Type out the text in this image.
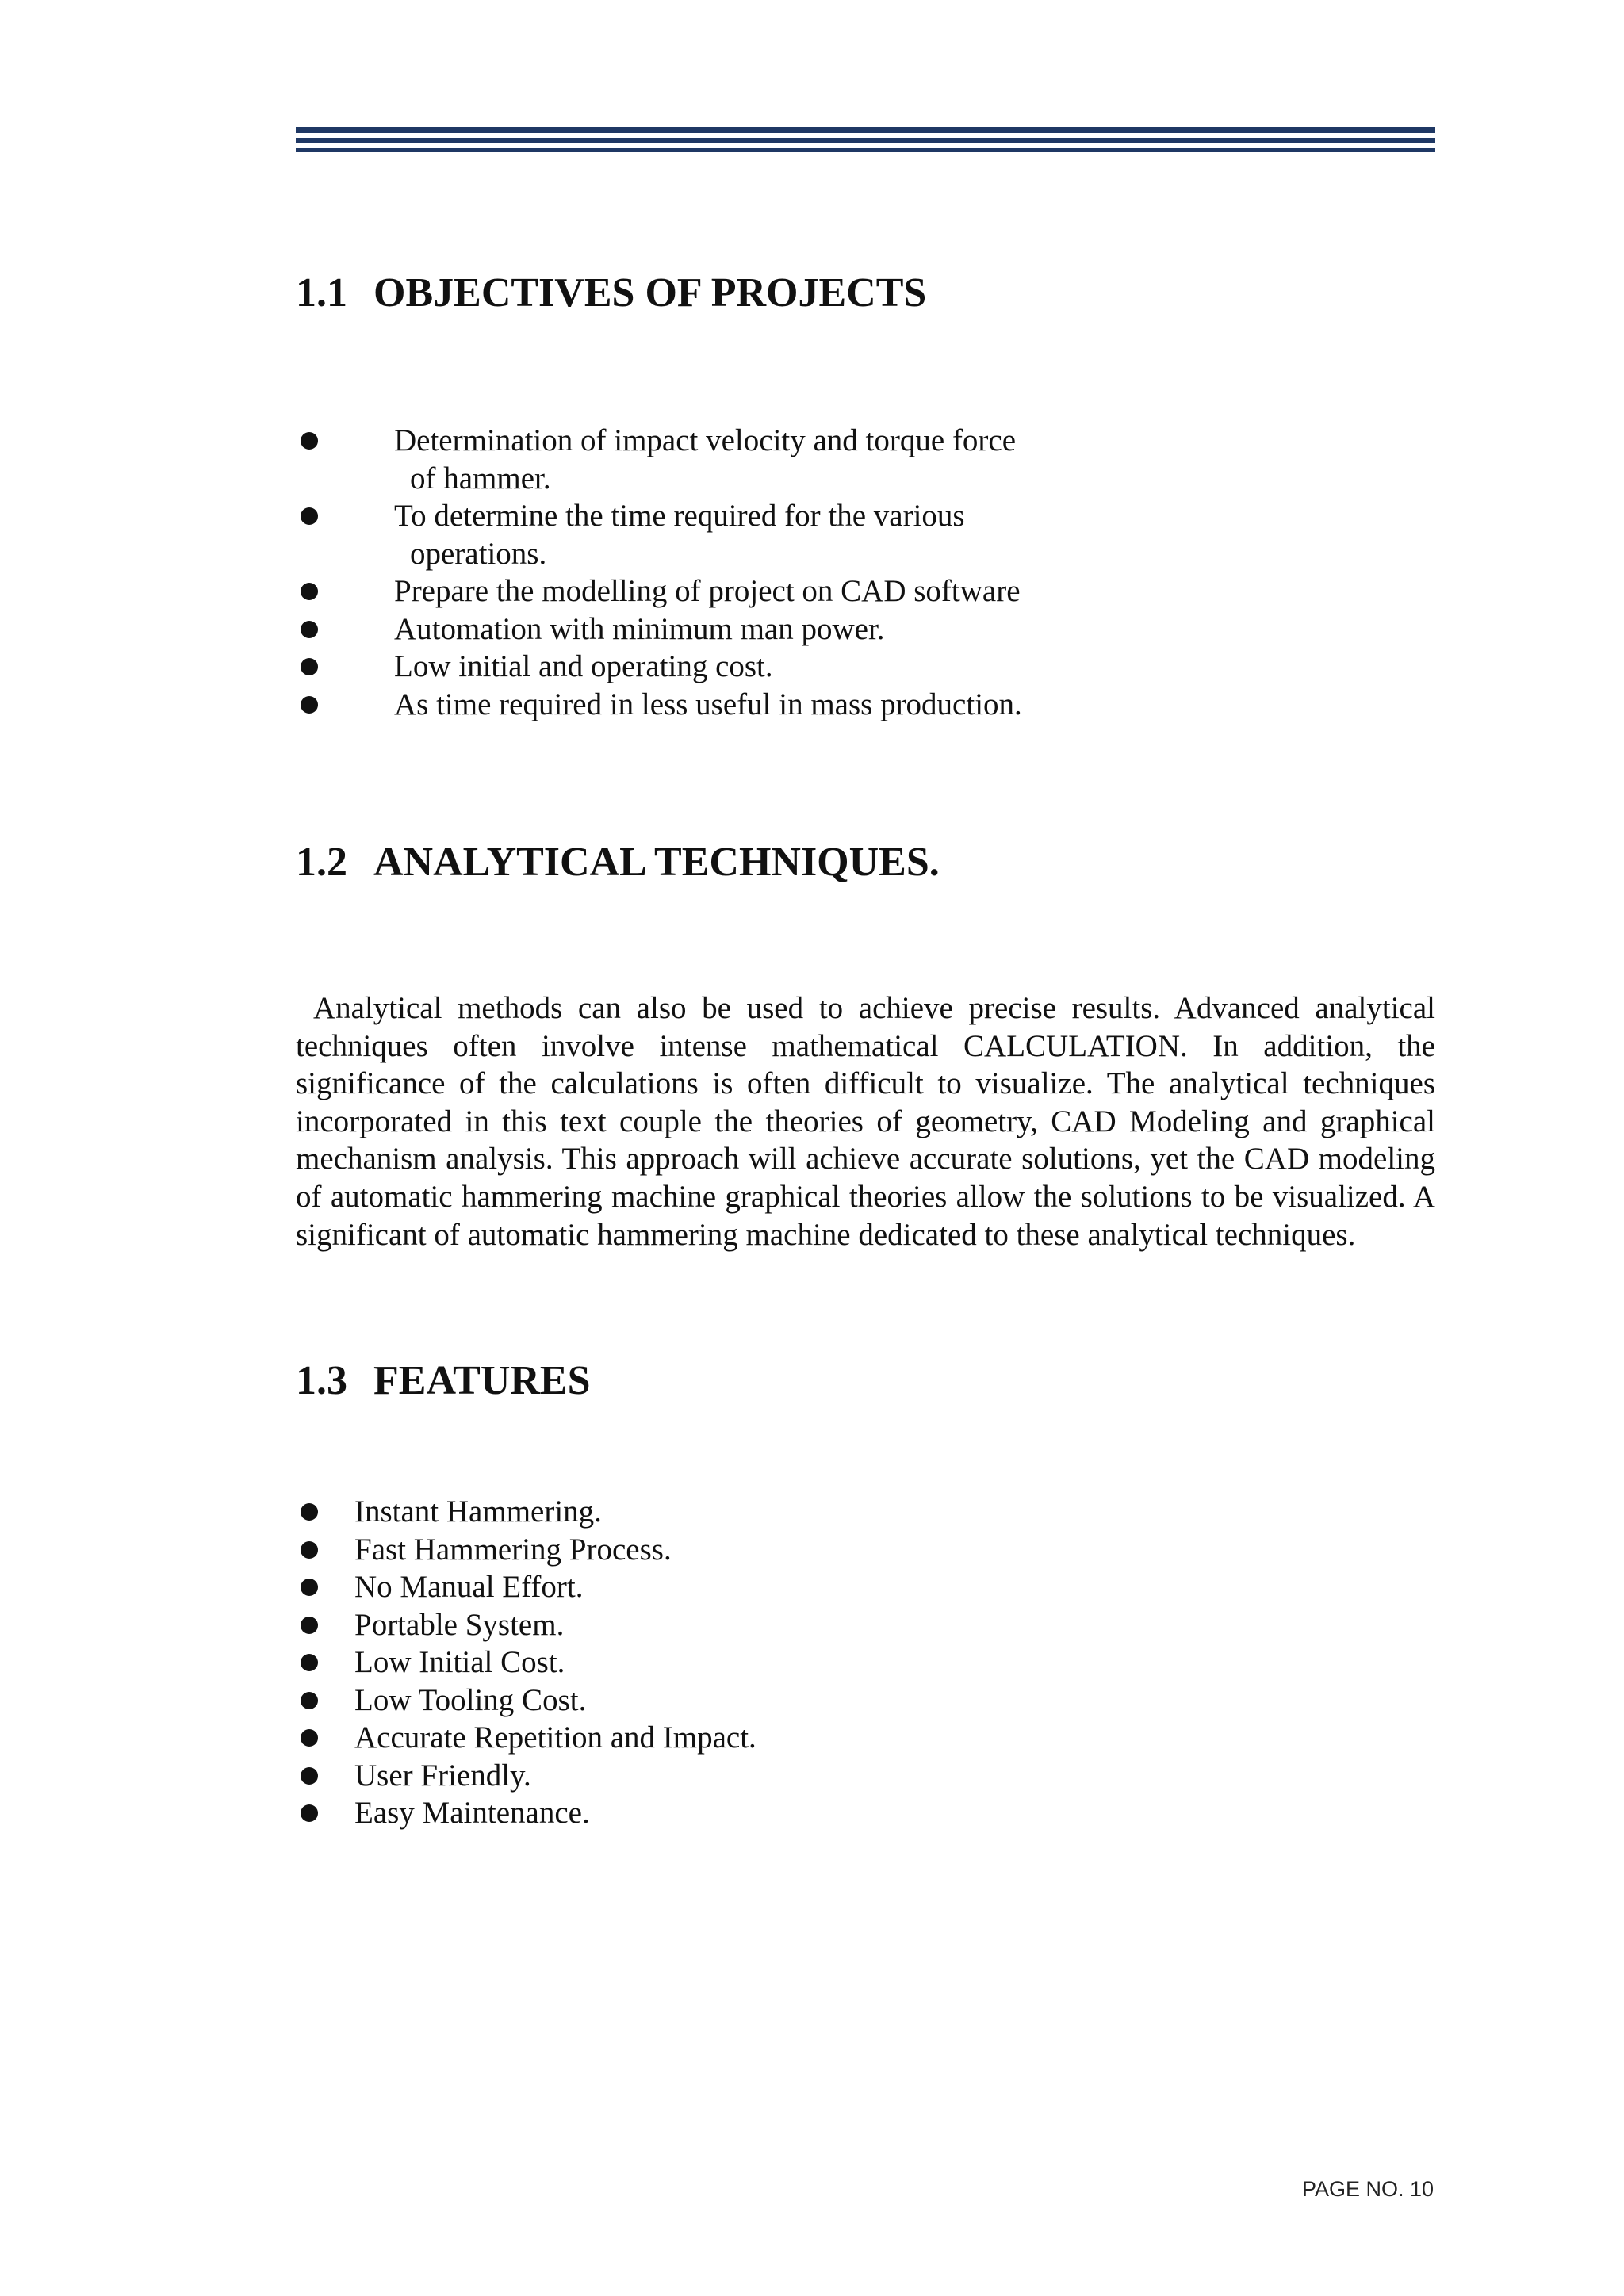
1.1 OBJECTIVES OF PROJECTS
Determination of impact velocity and torque force
of hammer.
To determine the time required for the various
operations.
Prepare the modelling of project on CAD software
Automation with minimum man power.
Low initial and operating cost.
As time required in less useful in mass production.
1.2 ANALYTICAL TECHNIQUES.

Analytical methods can also be used to achieve precise results. Advanced analytical techniques often involve intense mathematical CALCULATION. In addition, the significance of the calculations is often difficult to visualize. The analytical techniques incorporated in this text couple the theories of geometry, CAD Modeling and graphical mechanism analysis. This approach will achieve accurate solutions, yet the CAD modeling of automatic hammering machine graphical theories allow the solutions to be visualized. A significant of automatic hammering machine dedicated to these analytical techniques.

1.3 FEATURES
Instant Hammering.
Fast Hammering Process.
No Manual Effort.
Portable System.
Low Initial Cost.
Low Tooling Cost.
Accurate Repetition and Impact.
User Friendly.
Easy Maintenance.
PAGE NO. 10
